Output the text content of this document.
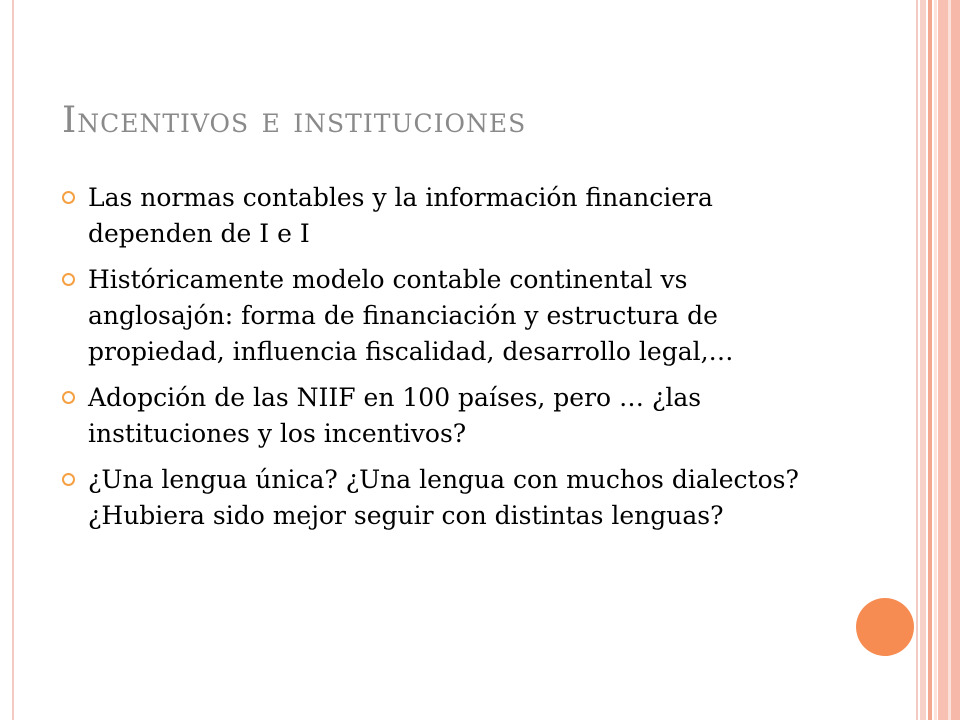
Incentivos e instituciones
Las normas contables y la información financiera dependen de I e I
Históricamente modelo contable continental vs anglosajón: forma de financiación y estructura de propiedad, influencia fiscalidad, desarrollo legal,…
Adopción de las NIIF en 100 países, pero … ¿las instituciones y los incentivos?
¿Una lengua única? ¿Una lengua con muchos dialectos? ¿Hubiera sido mejor seguir con distintas lenguas?
